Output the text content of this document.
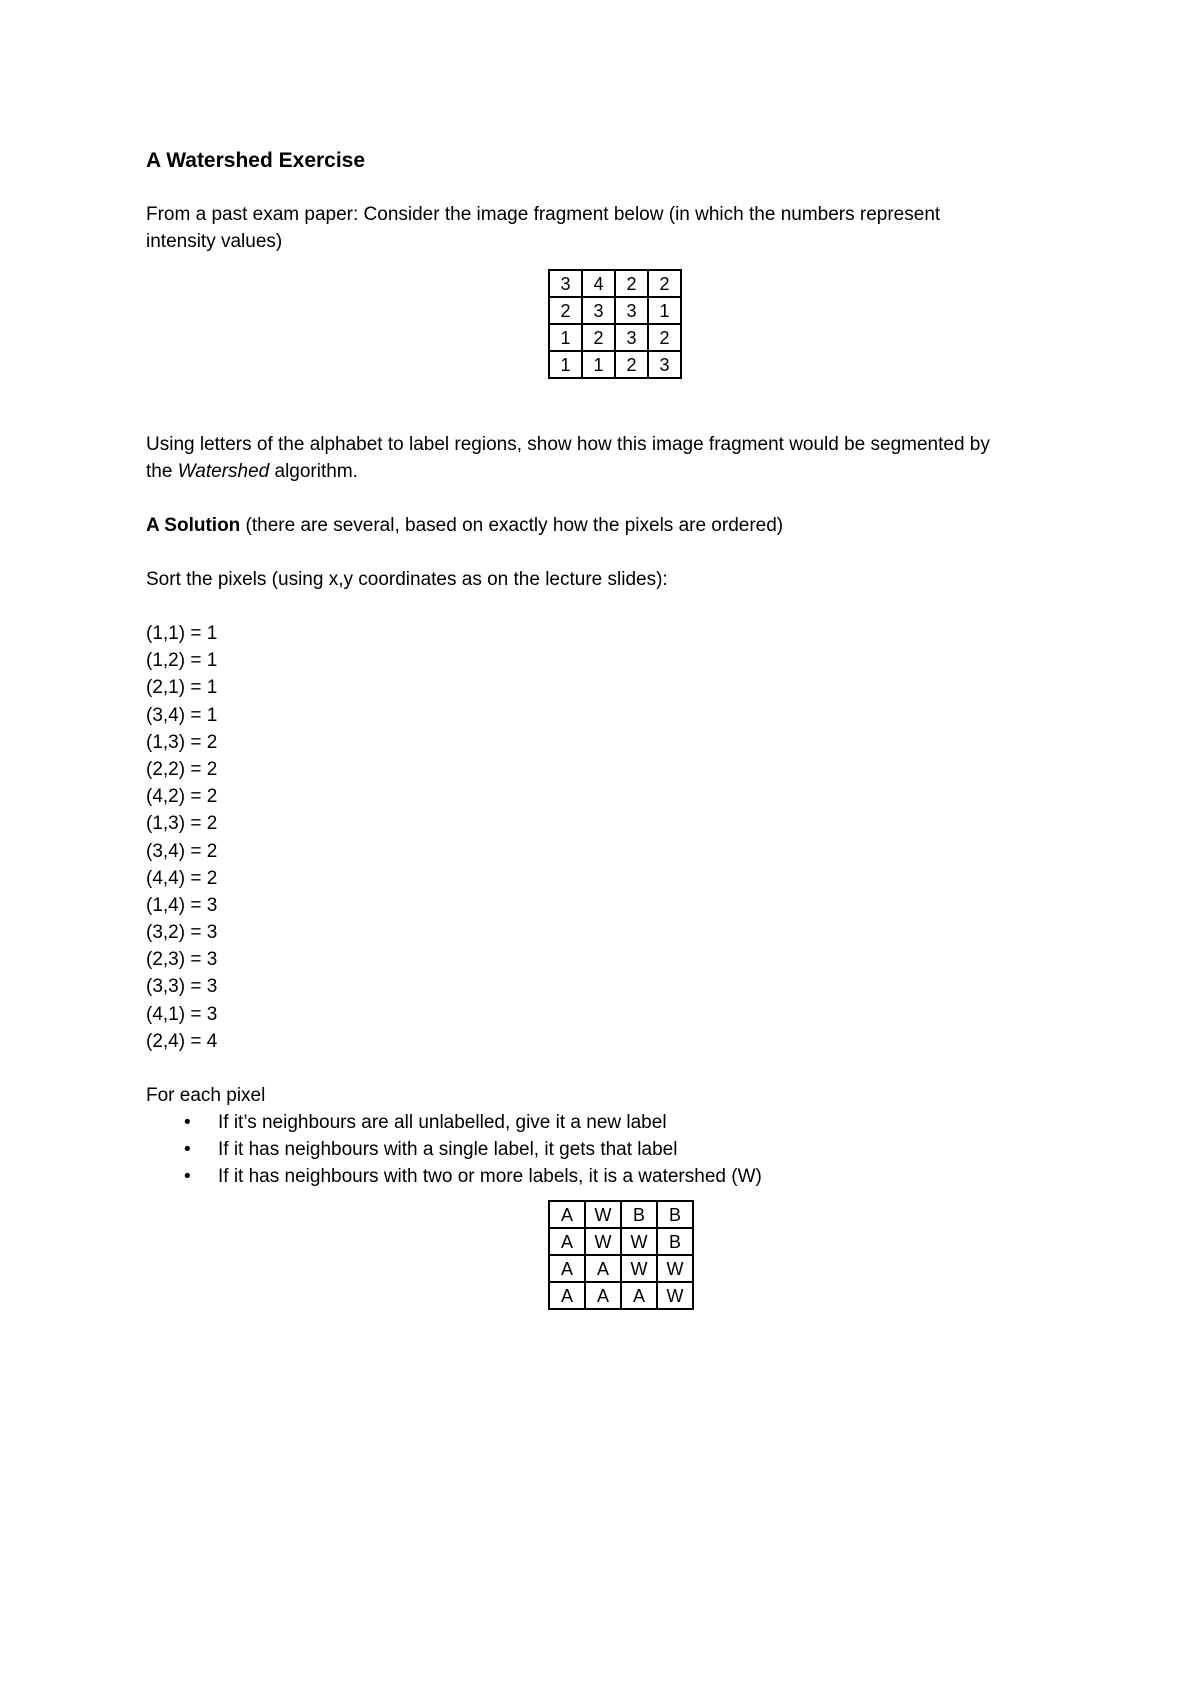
A Watershed Exercise

From a past exam paper: Consider the image fragment below (in which the numbers represent

intensity values)

3	4	2	2
2	3	3	1
1	2	3	2
1	1	2	3

Using letters of the alphabet to label regions, show how this image fragment would be segmented by

the Watershed algorithm.

A Solution (there are several, based on exactly how the pixels are ordered)

Sort the pixels (using x,y coordinates as on the lecture slides):

(1,1) = 1
(1,2) = 1
(2,1) = 1
(3,4) = 1
(1,3) = 2
(2,2) = 2
(4,2) = 2
(1,3) = 2
(3,4) = 2
(4,4) = 2
(1,4) = 3
(3,2) = 3
(2,3) = 3
(3,3) = 3
(4,1) = 3
(2,4) = 4

For each pixel

• If it’s neighbours are all unlabelled, give it a new label
• If it has neighbours with a single label, it gets that label
• If it has neighbours with two or more labels, it is a watershed (W)
A	W	B	B
A	W	W	B
A	A	W	W
A	A	A	W
